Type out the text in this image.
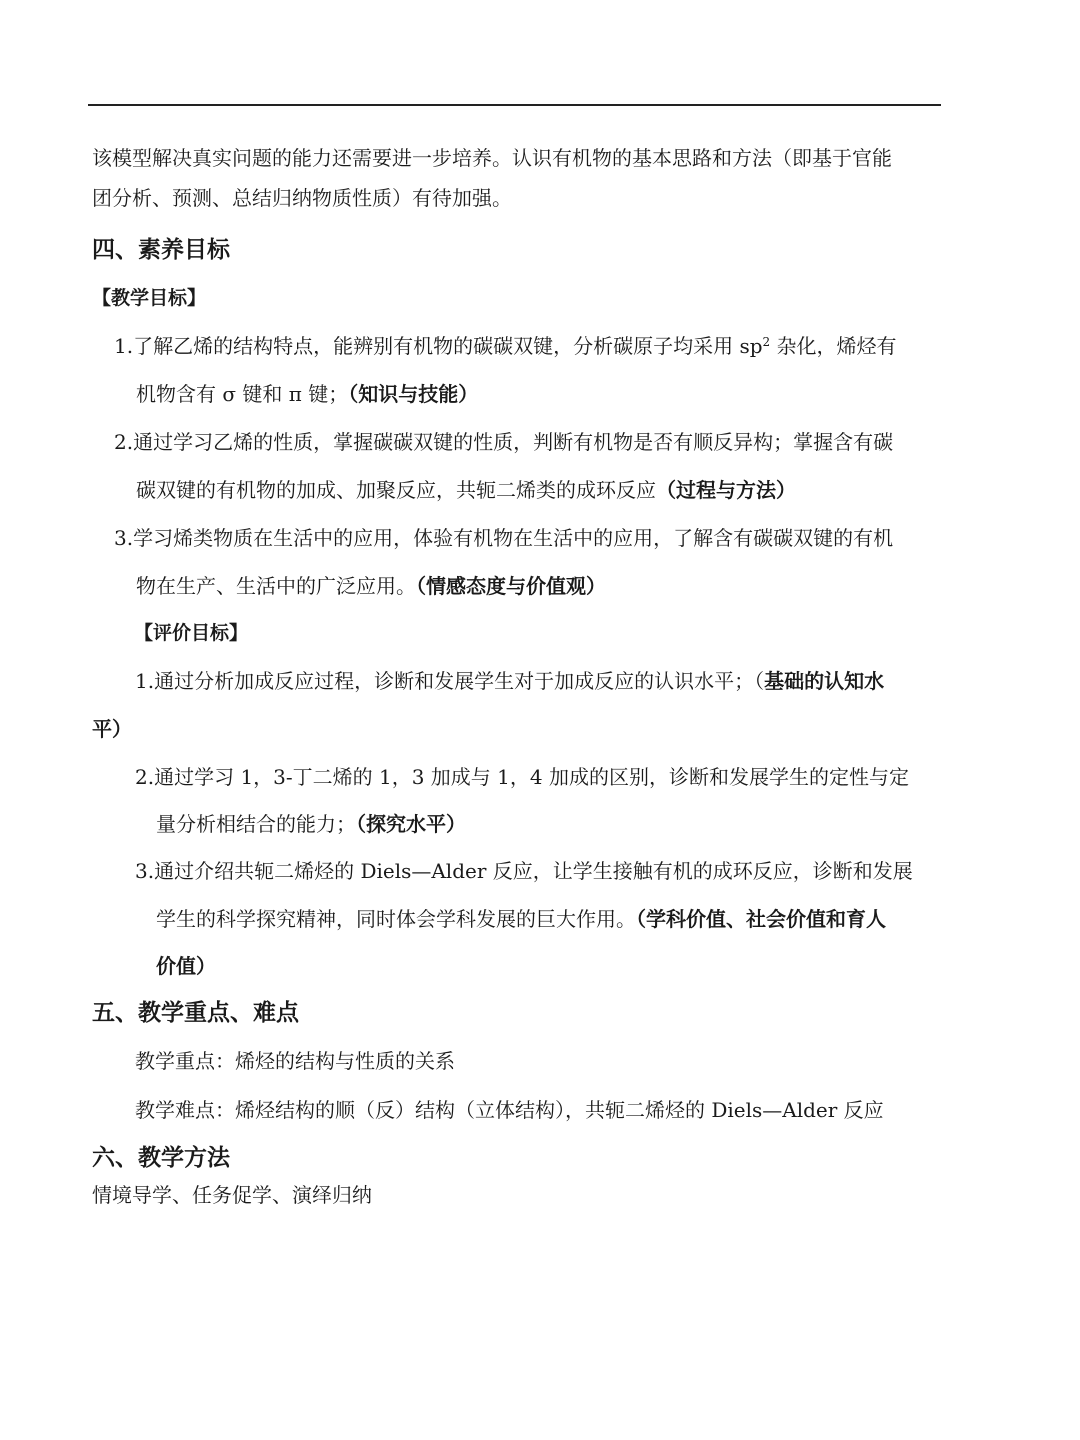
该模型解决真实问题的能力还需要进一步培养。认识有机物的基本思路和方法（即基于官能
团分析、预测、总结归纳物质性质）有待加强。
四、素养目标
【教学目标】
1.了解乙烯的结构特点，能辨别有机物的碳碳双键，分析碳原子均采用 $sp^2$ 杂化，烯烃有
机物含有 σ 键和 π 键；（知识与技能）
2.通过学习乙烯的性质，掌握碳碳双键的性质，判断有机物是否有顺反异构；掌握含有碳
碳双键的有机物的加成、加聚反应，共轭二烯类的成环反应（过程与方法）
3.学习烯类物质在生活中的应用，体验有机物在生活中的应用，了解含有碳碳双键的有机
物在生产、生活中的广泛应用。（情感态度与价值观）
【评价目标】
1.通过分析加成反应过程，诊断和发展学生对于加成反应的认识水平；（基础的认知水
平）
2.通过学习 1，3-丁二烯的 1，3 加成与 1，4 加成的区别，诊断和发展学生的定性与定
量分析相结合的能力；（探究水平）
3.通过介绍共轭二烯烃的 Diels—Alder 反应，让学生接触有机的成环反应，诊断和发展
学生的科学探究精神，同时体会学科发展的巨大作用。（学科价值、社会价值和育人
价值）
五、教学重点、难点
教学重点：烯烃的结构与性质的关系
教学难点：烯烃结构的顺（反）结构（立体结构），共轭二烯烃的 Diels—Alder 反应
六、教学方法
情境导学、任务促学、演绎归纳
